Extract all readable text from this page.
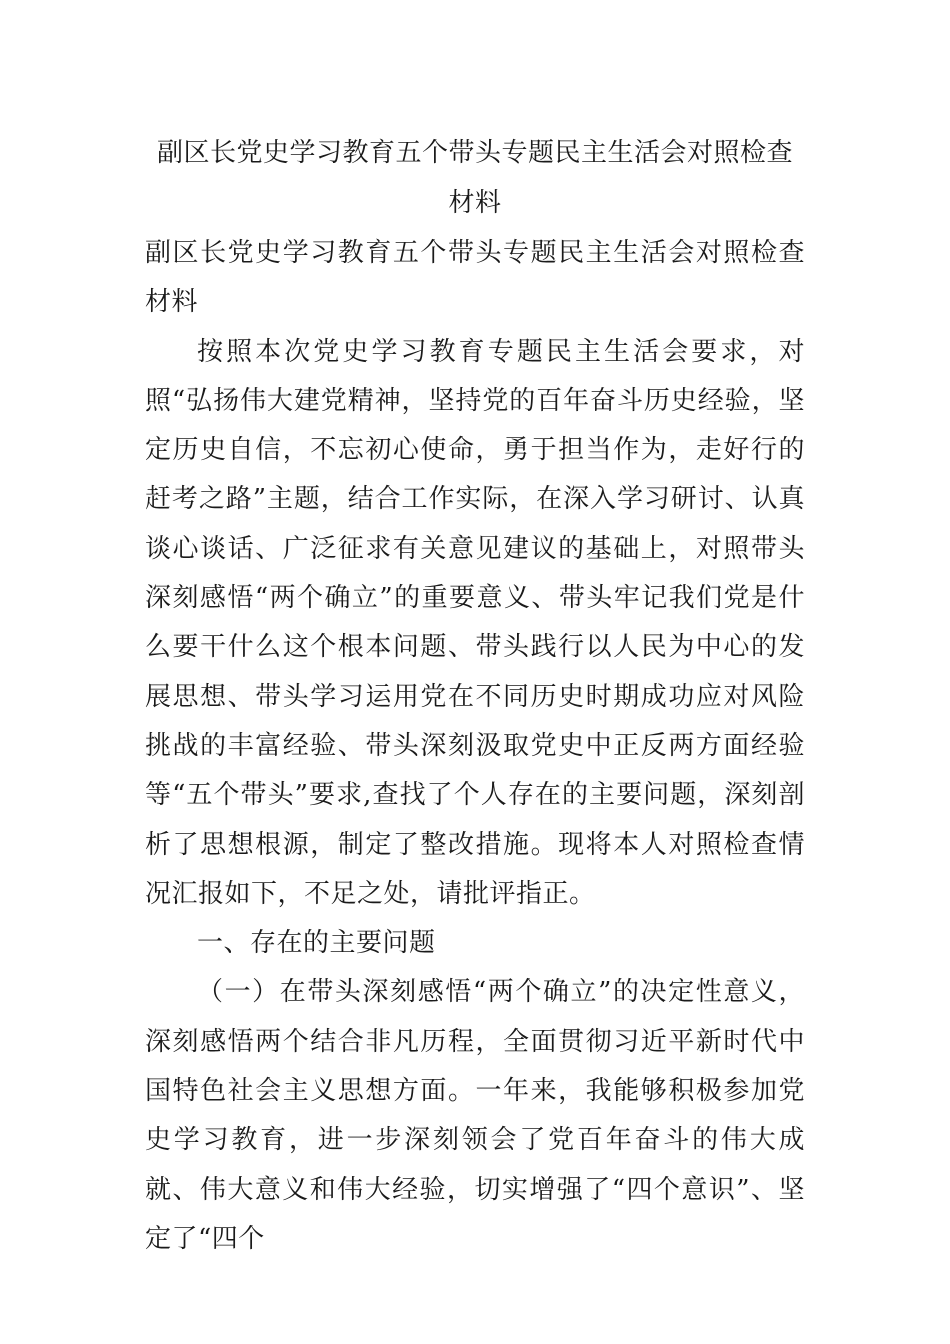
副区长党史学习教育五个带头专题民主生活会对照检查材料

副区长党史学习教育五个带头专题民主生活会对照检查材料

按照本次党史学习教育专题民主生活会要求，对照“弘扬伟大建党精神，坚持党的百年奋斗历史经验，坚定历史自信，不忘初心使命，勇于担当作为，走好行的赶考之路”主题，结合工作实际，在深入学习研讨、认真谈心谈话、广泛征求有关意见建议的基础上，对照带头深刻感悟“两个确立”的重要意义、带头牢记我们党是什么要干什么这个根本问题、带头践行以人民为中心的发展思想、带头学习运用党在不同历史时期成功应对风险挑战的丰富经验、带头深刻汲取党史中正反两方面经验等“五个带头”要求,查找了个人存在的主要问题，深刻剖析了思想根源，制定了整改措施。现将本人对照检查情况汇报如下，不足之处，请批评指正。

一、存在的主要问题

（一）在带头深刻感悟“两个确立”的决定性意义，深刻感悟两个结合非凡历程，全面贯彻习近平新时代中国特色社会主义思想方面。一年来，我能够积极参加党史学习教育，进一步深刻领会了党百年奋斗的伟大成就、伟大意义和伟大经验，切实增强了“四个意识”、坚定了“四个
